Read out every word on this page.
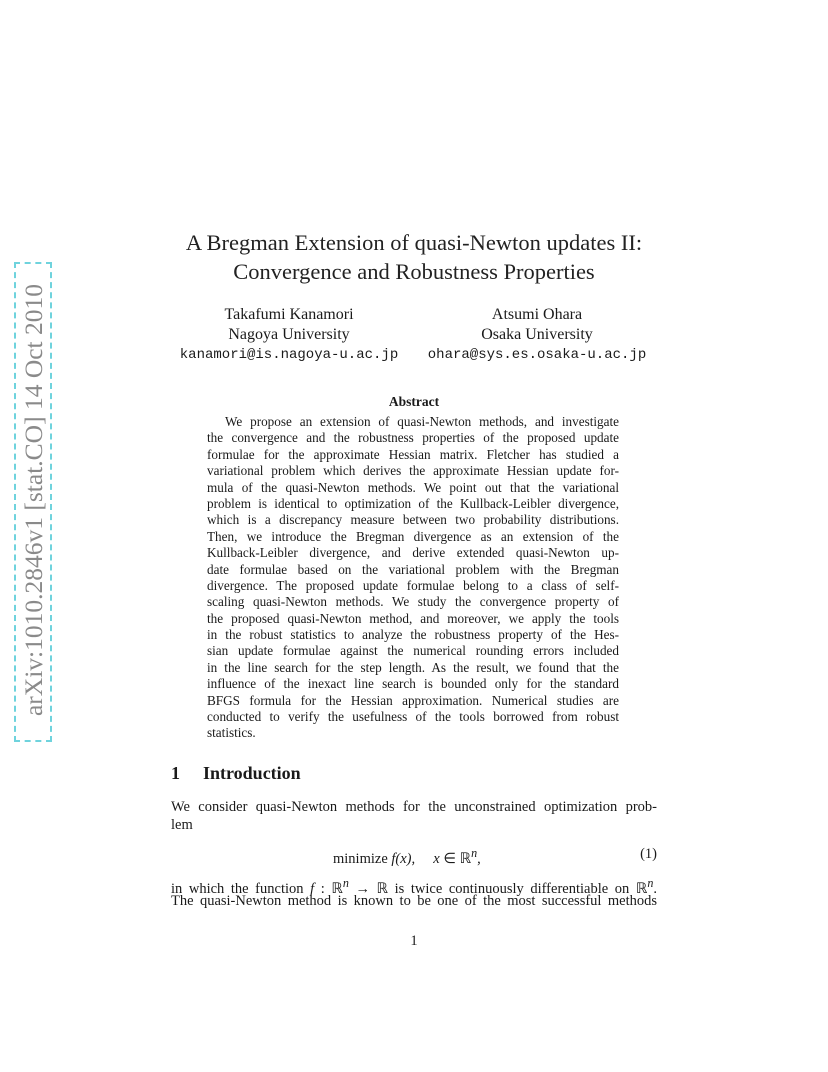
arXiv:1010.2846v1 [stat.CO] 14 Oct 2010
A Bregman Extension of quasi-Newton updates II:
Convergence and Robustness Properties
Takafumi Kanamori
Nagoya University
kanamori@is.nagoya-u.ac.jp
Atsumi Ohara
Osaka University
ohara@sys.es.osaka-u.ac.jp
Abstract
We propose an extension of quasi-Newton methods, and investigate
the convergence and the robustness properties of the proposed update
formulae for the approximate Hessian matrix. Fletcher has studied a
variational problem which derives the approximate Hessian update for-
mula of the quasi-Newton methods. We point out that the variational
problem is identical to optimization of the Kullback-Leibler divergence,
which is a discrepancy measure between two probability distributions.
Then, we introduce the Bregman divergence as an extension of the
Kullback-Leibler divergence, and derive extended quasi-Newton up-
date formulae based on the variational problem with the Bregman
divergence. The proposed update formulae belong to a class of self-
scaling quasi-Newton methods. We study the convergence property of
the proposed quasi-Newton method, and moreover, we apply the tools
in the robust statistics to analyze the robustness property of the Hes-
sian update formulae against the numerical rounding errors included
in the line search for the step length. As the result, we found that the
influence of the inexact line search is bounded only for the standard
BFGS formula for the Hessian approximation. Numerical studies are
conducted to verify the usefulness of the tools borrowed from robust
statistics.
1 Introduction
We consider quasi-Newton methods for the unconstrained optimization prob-
lem
minimize f(x), x ∈ ℝ$^n$,	(1)
in which the function f : ℝ$^n$ → ℝ is twice continuously differentiable on ℝ$^n$.
The quasi-Newton method is known to be one of the most successful methods
1
